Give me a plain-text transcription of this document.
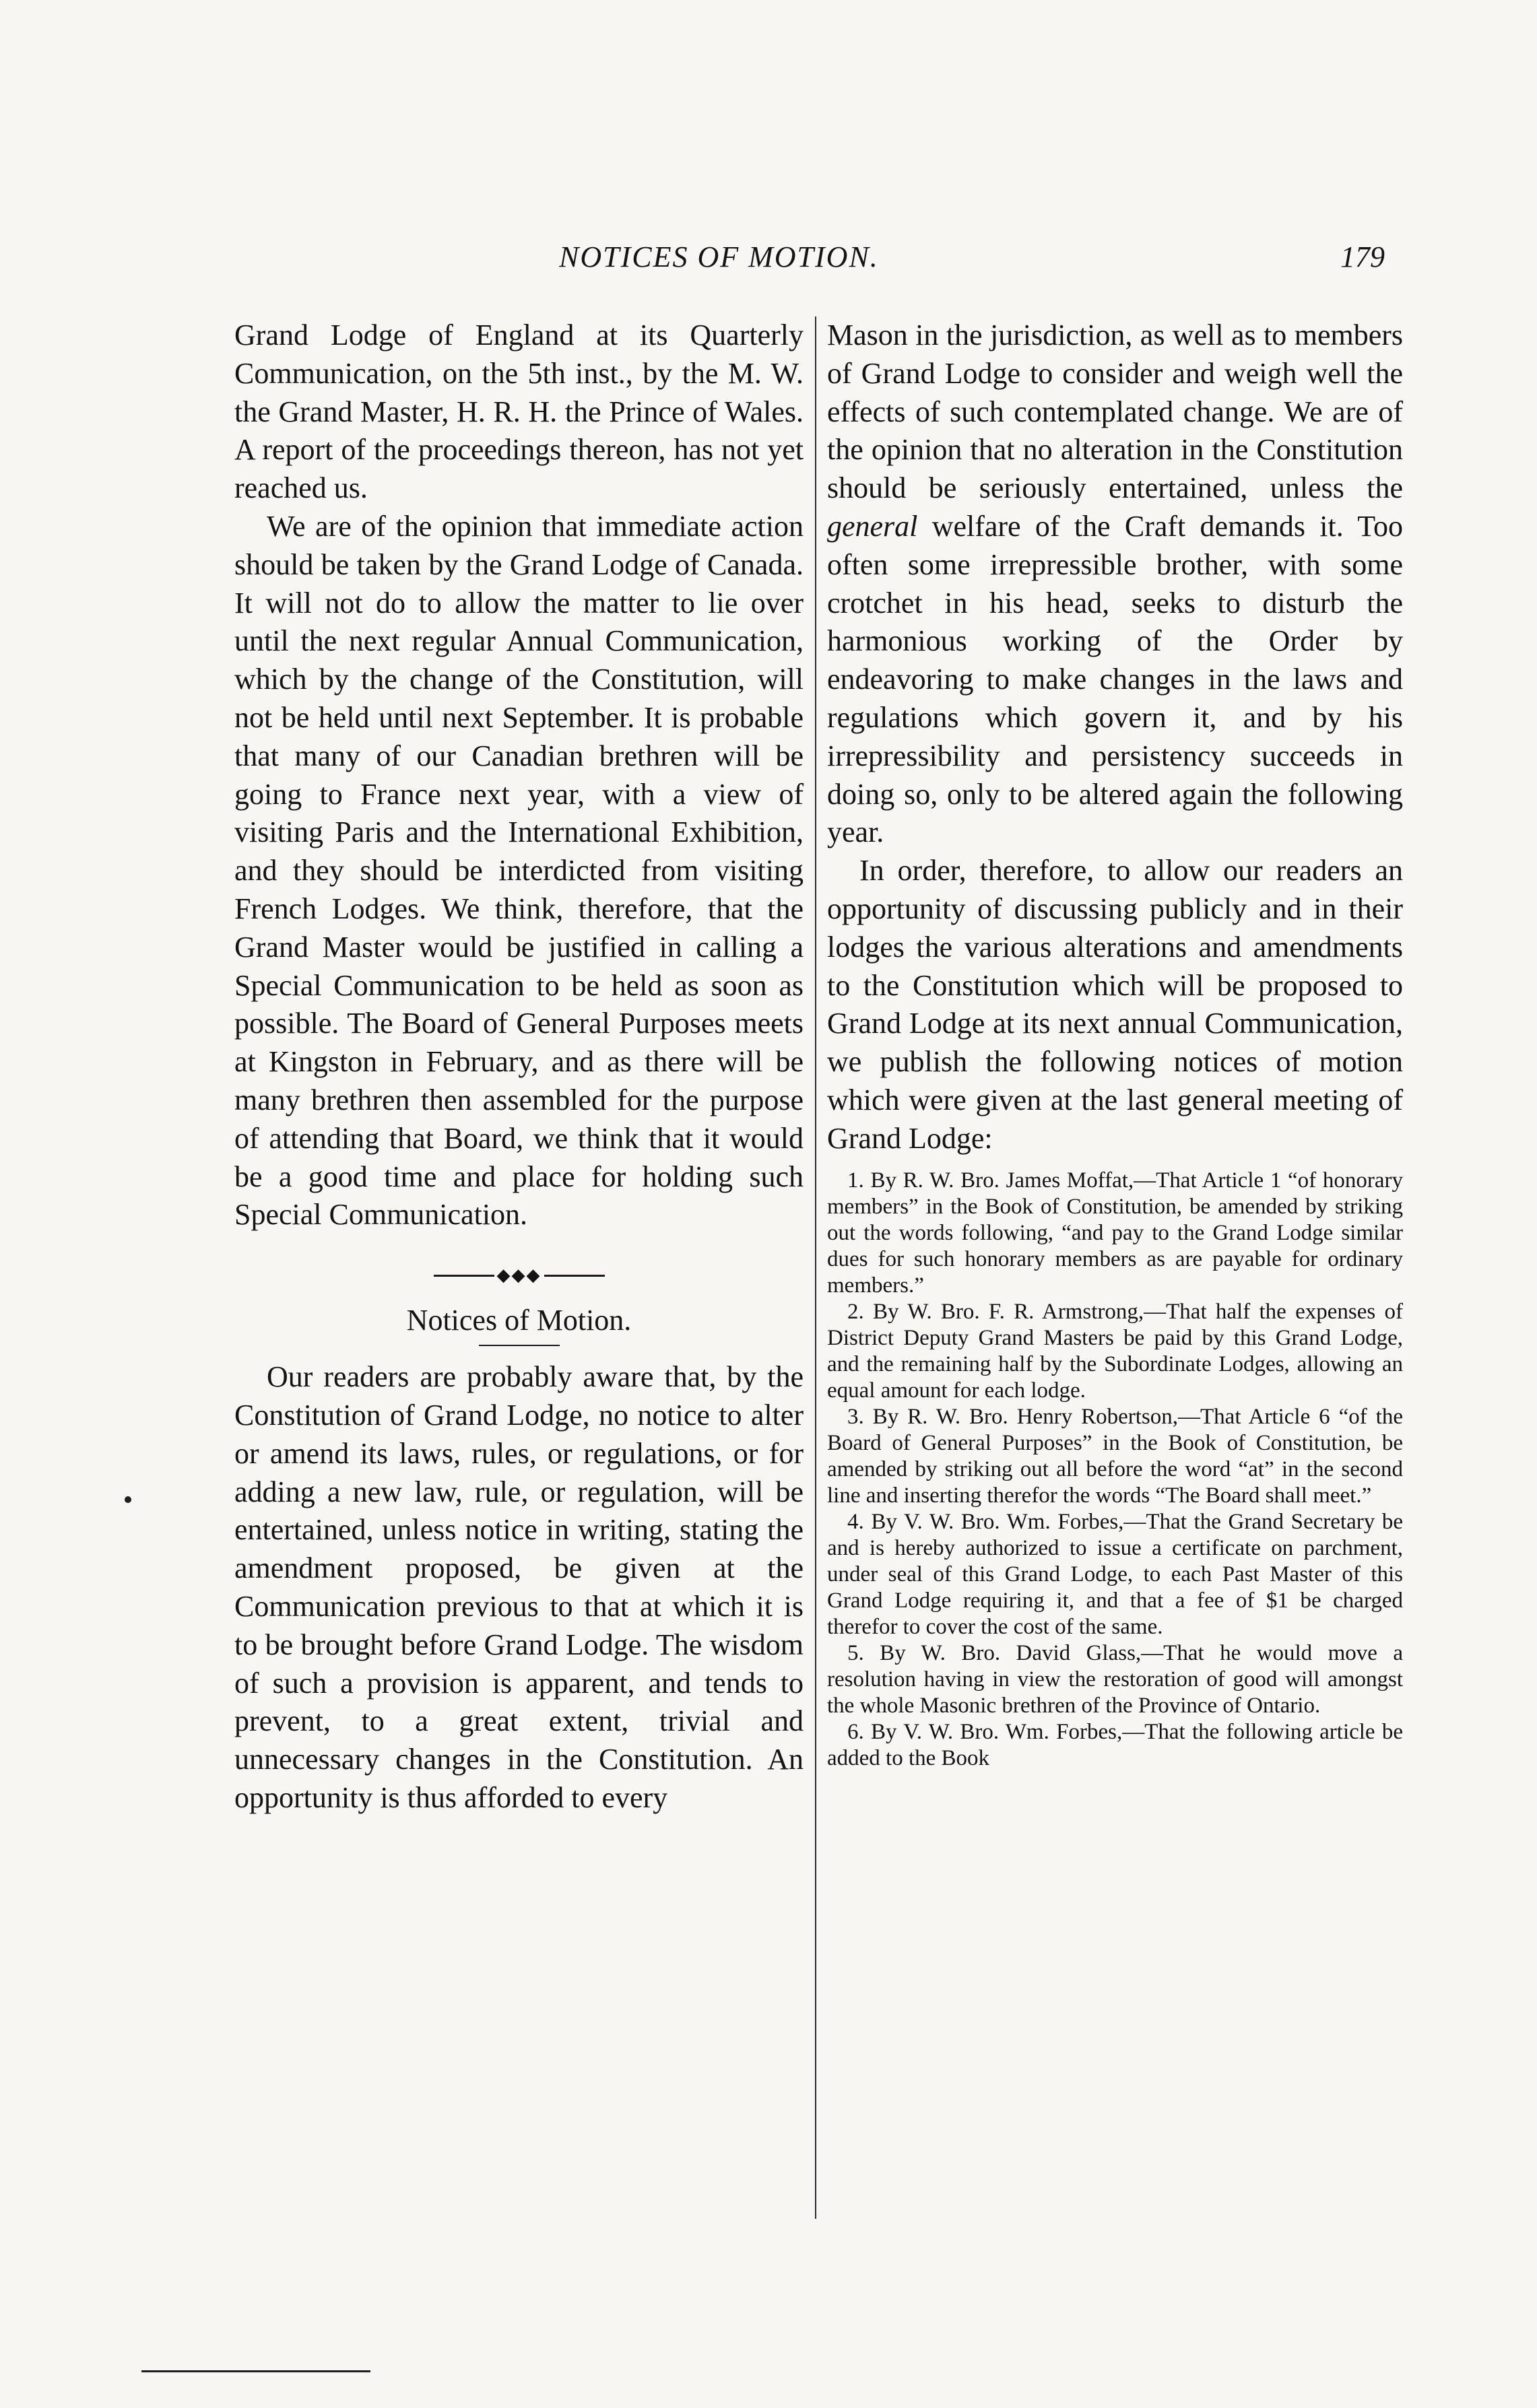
NOTICES OF MOTION.	179

Grand Lodge of England at its Quarterly Communication, on the 5th inst., by the M. W. the Grand Master, H. R. H. the Prince of Wales. A report of the proceedings thereon, has not yet reached us.

We are of the opinion that immediate action should be taken by the Grand Lodge of Canada. It will not do to allow the matter to lie over until the next regular Annual Communication, which by the change of the Constitution, will not be held until next September. It is probable that many of our Canadian brethren will be going to France next year, with a view of visiting Paris and the International Exhibition, and they should be interdicted from visiting French Lodges. We think, therefore, that the Grand Master would be justified in calling a Special Communication to be held as soon as possible. The Board of General Purposes meets at Kingston in February, and as there will be many brethren then assembled for the purpose of attending that Board, we think that it would be a good time and place for holding such Special Communication.

◆◆◆

Notices of Motion.

Our readers are probably aware that, by the Constitution of Grand Lodge, no notice to alter or amend its laws, rules, or regulations, or for adding a new law, rule, or regulation, will be entertained, unless notice in writing, stating the amendment proposed, be given at the Communication previous to that at which it is to be brought before Grand Lodge. The wisdom of such a provision is apparent, and tends to prevent, to a great extent, trivial and unnecessary changes in the Constitution. An opportunity is thus afforded to every

Mason in the jurisdiction, as well as to members of Grand Lodge to consider and weigh well the effects of such contemplated change. We are of the opinion that no alteration in the Constitution should be seriously entertained, unless the general welfare of the Craft demands it. Too often some irrepressible brother, with some crotchet in his head, seeks to disturb the harmonious working of the Order by endeavoring to make changes in the laws and regulations which govern it, and by his irrepressibility and persistency succeeds in doing so, only to be altered again the following year.

In order, therefore, to allow our readers an opportunity of discussing publicly and in their lodges the various alterations and amendments to the Constitution which will be proposed to Grand Lodge at its next annual Communication, we publish the following notices of motion which were given at the last general meeting of Grand Lodge:

1. By R. W. Bro. James Moffat,—That Article 1 “of honorary members” in the Book of Constitution, be amended by striking out the words following, “and pay to the Grand Lodge similar dues for such honorary members as are payable for ordinary members.”

2. By W. Bro. F. R. Armstrong,—That half the expenses of District Deputy Grand Masters be paid by this Grand Lodge, and the remaining half by the Subordinate Lodges, allowing an equal amount for each lodge.

3. By R. W. Bro. Henry Robertson,—That Article 6 “of the Board of General Purposes” in the Book of Constitution, be amended by striking out all before the word “at” in the second line and inserting therefor the words “The Board shall meet.”

4. By V. W. Bro. Wm. Forbes,—That the Grand Secretary be and is hereby authorized to issue a certificate on parchment, under seal of this Grand Lodge, to each Past Master of this Grand Lodge requiring it, and that a fee of $1 be charged therefor to cover the cost of the same.

5. By W. Bro. David Glass,—That he would move a resolution having in view the restoration of good will amongst the whole Masonic brethren of the Province of Ontario.

6. By V. W. Bro. Wm. Forbes,—That the following article be added to the Book
